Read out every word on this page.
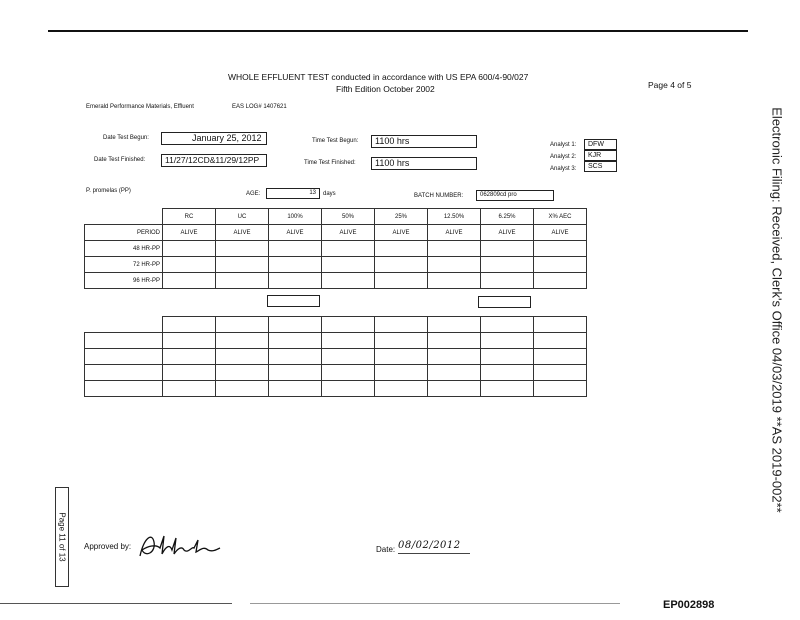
WHOLE EFFLUENT TEST conducted in accordance with US EPA 600/4-90/027
Fifth Edition October 2002	Page 4 of 5
Emerald Performance Materials, Effluent	EAS LOG# 1407621
Date Test Begun:	January 25, 2012
Date Test Finished:	11/27/12CD&11/29/12PP
Time Test Begun:	1100 hrs
Time Test Finished:	1100 hrs
Analyst 1:	DFW
Analyst 2:	KJR
Analyst 3:	SCS
P. promelas (PP)	AGE:	13	days	BATCH NUMBER:	062809cd pro
	RC	UC	100%	50%	25%	12.50%	6.25%	X% AEC
PERIOD	ALIVE	ALIVE	ALIVE	ALIVE	ALIVE	ALIVE	ALIVE	ALIVE
48 HR-PP								
72 HR-PP								
96 HR-PP								

									Electronic Filing: Received, Clerk's Office 04/03/2019 **AS 2019-002**
Page 11 of 13 Approved by:	Date: 08/02/2012
EP002898
